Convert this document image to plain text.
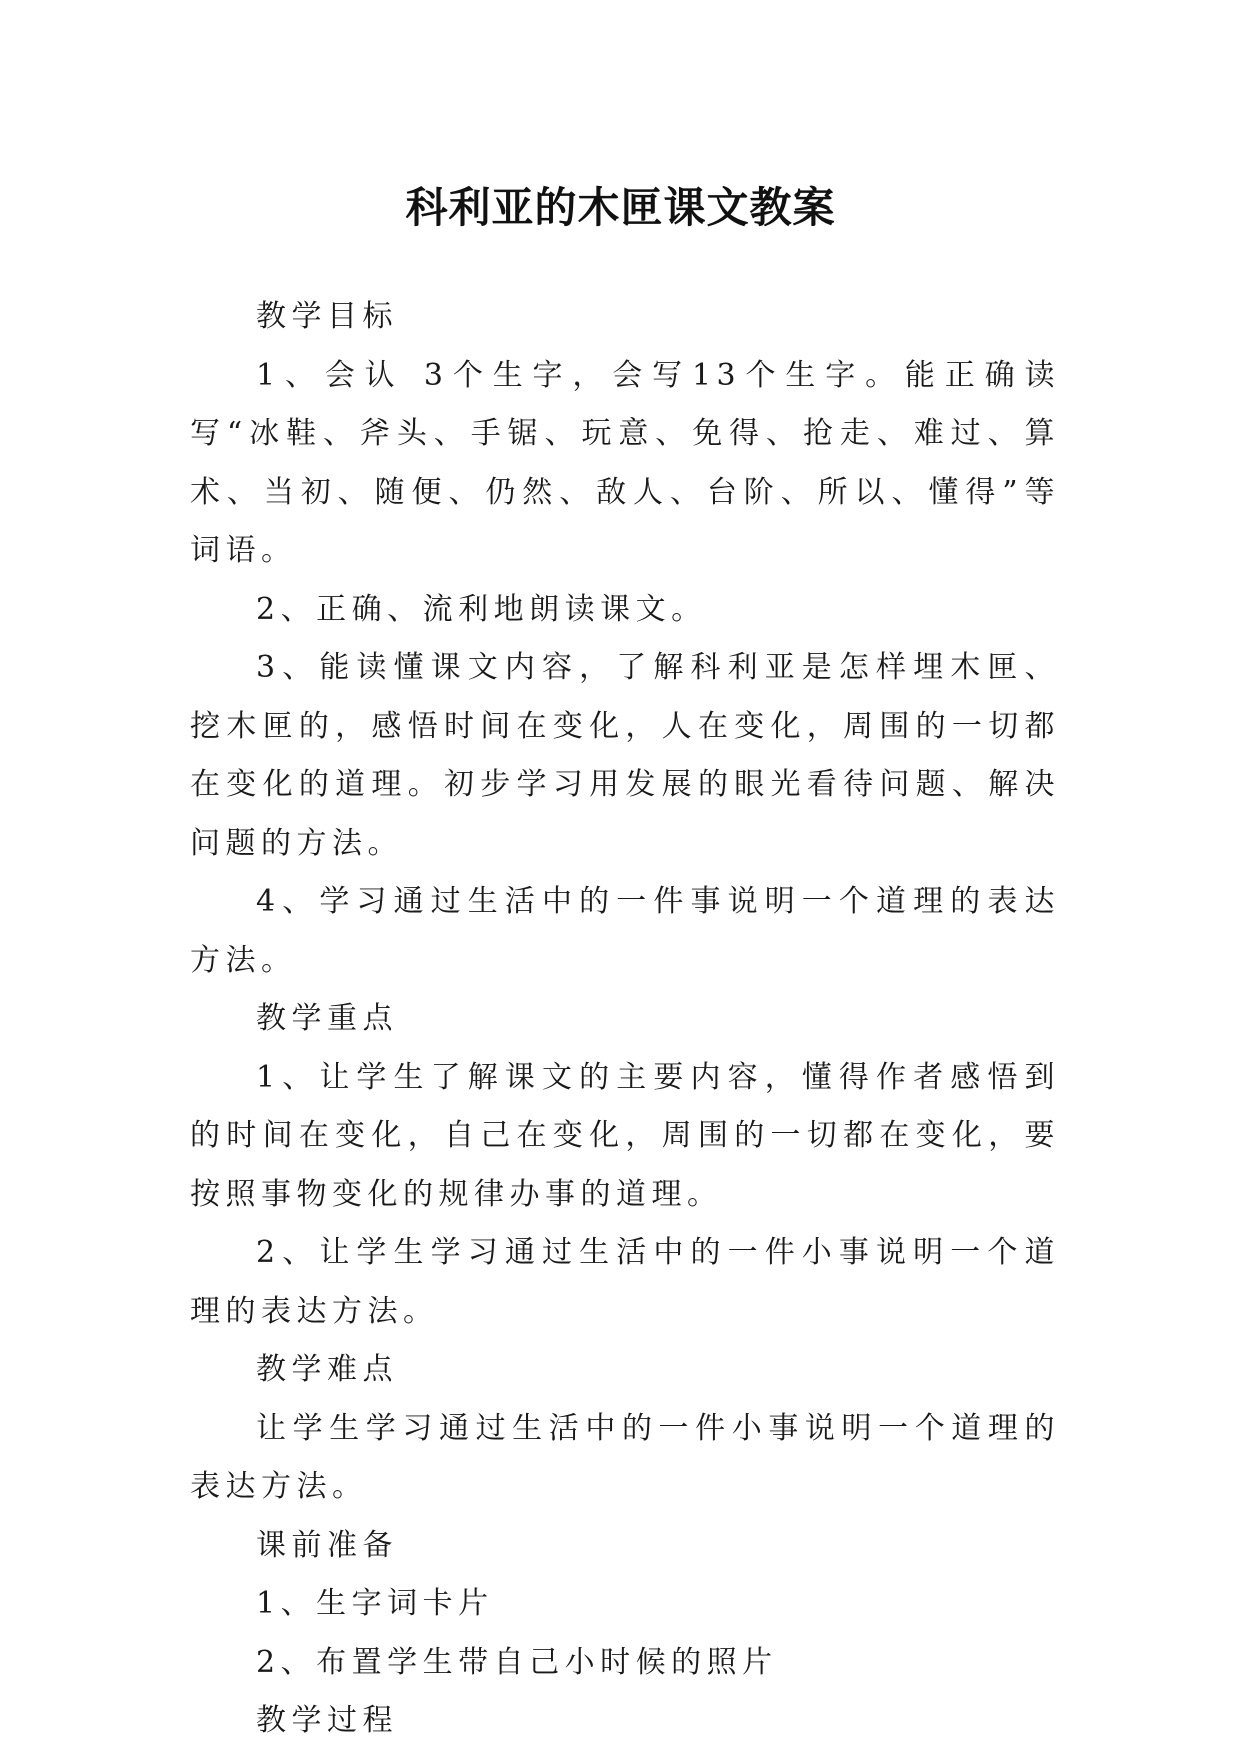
科利亚的木匣课文教案

教学目标

1、会认 3个生字，会写13个生字。能正确读写“冰鞋、斧头、手锯、玩意、免得、抢走、难过、算术、当初、随便、仍然、敌人、台阶、所以、懂得”等词语。

2、正确、流利地朗读课文。

3、能读懂课文内容，了解科利亚是怎样埋木匣、挖木匣的，感悟时间在变化，人在变化，周围的一切都在变化的道理。初步学习用发展的眼光看待问题、解决问题的方法。

4、学习通过生活中的一件事说明一个道理的表达方法。

教学重点

1、让学生了解课文的主要内容，懂得作者感悟到的时间在变化，自己在变化，周围的一切都在变化，要按照事物变化的规律办事的道理。

2、让学生学习通过生活中的一件小事说明一个道理的表达方法。

教学难点

让学生学习通过生活中的一件小事说明一个道理的表达方法。

课前准备

1、生字词卡片

2、布置学生带自己小时候的照片

教学过程
